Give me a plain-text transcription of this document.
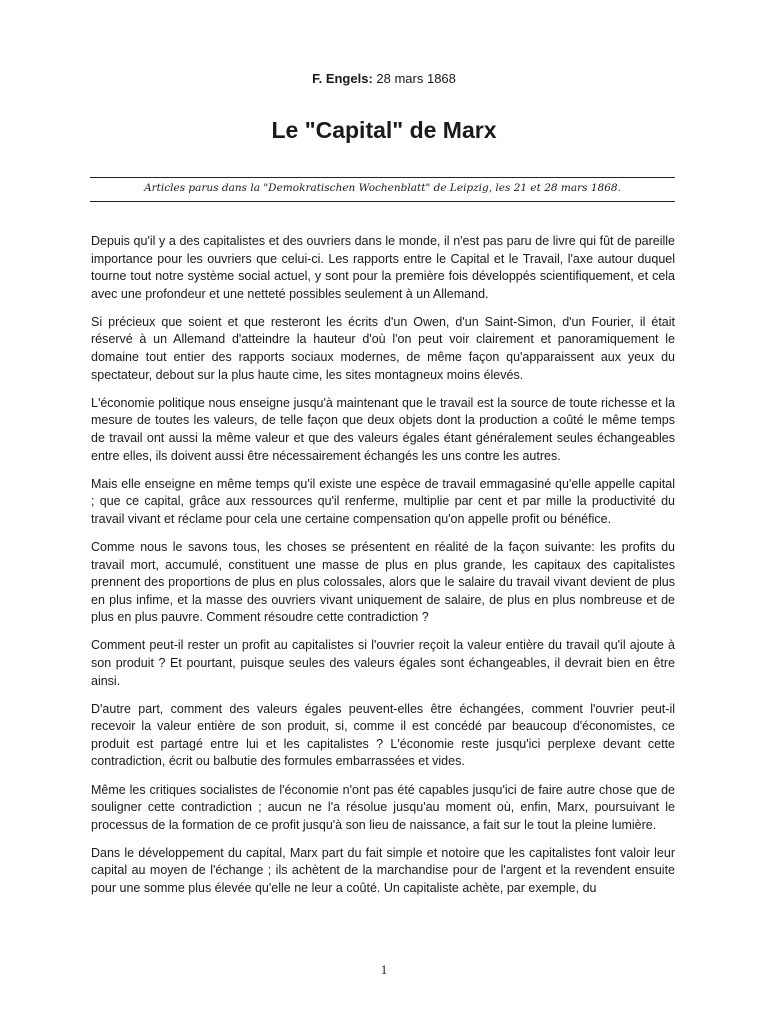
F. Engels: 28 mars 1868
Le "Capital" de Marx
Articles parus dans la "Demokratischen Wochenblatt" de Leipzig, les 21 et 28 mars 1868.

Depuis qu'il y a des capitalistes et des ouvriers dans le monde, il n'est pas paru de livre qui fût de pareille importance pour les ouvriers que celui-ci. Les rapports entre le Capital et le Travail, l'axe autour duquel tourne tout notre système social actuel, y sont pour la première fois développés scientifiquement, et cela avec une profondeur et une netteté possibles seulement à un Allemand.

Si précieux que soient et que resteront les écrits d'un Owen, d'un Saint-Simon, d'un Fourier, il était réservé à un Allemand d'atteindre la hauteur d'où l'on peut voir clairement et panoramiquement le domaine tout entier des rapports sociaux modernes, de même façon qu'apparaissent aux yeux du spectateur, debout sur la plus haute cime, les sites montagneux moins élevés.

L'économie politique nous enseigne jusqu'à maintenant que le travail est la source de toute richesse et la mesure de toutes les valeurs, de telle façon que deux objets dont la production a coûté le même temps de travail ont aussi la même valeur et que des valeurs égales étant généralement seules échangeables entre elles, ils doivent aussi être nécessairement échangés les uns contre les autres.

Mais elle enseigne en même temps qu'il existe une espèce de travail emmagasiné qu'elle appelle capital ; que ce capital, grâce aux ressources qu'il renferme, multiplie par cent et par mille la productivité du travail vivant et réclame pour cela une certaine compensation qu'on appelle profit ou bénéfice.

Comme nous le savons tous, les choses se présentent en réalité de la façon suivante: les profits du travail mort, accumulé, constituent une masse de plus en plus grande, les capitaux des capitalistes prennent des proportions de plus en plus colossales, alors que le salaire du travail vivant devient de plus en plus infime, et la masse des ouvriers vivant uniquement de salaire, de plus en plus nombreuse et de plus en plus pauvre. Comment résoudre cette contradiction ?

Comment peut-il rester un profit au capitalistes si l'ouvrier reçoit la valeur entière du travail qu'il ajoute à son produit ? Et pourtant, puisque seules des valeurs égales sont échangeables, il devrait bien en être ainsi.

D'autre part, comment des valeurs égales peuvent-elles être échangées, comment l'ouvrier peut-il recevoir la valeur entière de son produit, si, comme il est concédé par beaucoup d'économistes, ce produit est partagé entre lui et les capitalistes ? L'économie reste jusqu'ici perplexe devant cette contradiction, écrit ou balbutie des formules embarrassées et vides.

Même les critiques socialistes de l'économie n'ont pas été capables jusqu'ici de faire autre chose que de souligner cette contradiction ; aucun ne l'a résolue jusqu'au moment où, enfin, Marx, poursuivant le processus de la formation de ce profit jusqu'à son lieu de naissance, a fait sur le tout la pleine lumière.

Dans le développement du capital, Marx part du fait simple et notoire que les capitalistes font valoir leur capital au moyen de l'échange ; ils achètent de la marchandise pour de l'argent et la revendent ensuite pour une somme plus élevée qu'elle ne leur a coûté. Un capitaliste achète, par exemple, du

1
